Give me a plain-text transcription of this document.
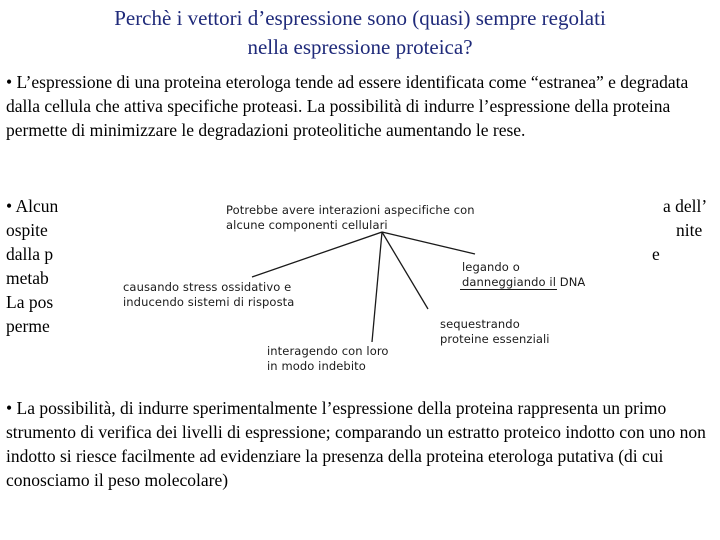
Perchè i vettori d’espressione sono (quasi) sempre regolati
nella espressione proteica?
• L’espressione di una proteina eterologa tende ad essere identificata come “estranea” e degradata dalla cellula che attiva specifiche proteasi. La possibilità di indurre l’espressione della proteina permette di minimizzare le degradazioni proteolitiche aumentando le rese.
• Alcun	a dell’
ospite	nite
dalla p	e
metab
La pos
perme
Potrebbe avere interazioni aspecifiche con
alcune componenti cellulari
causando stress ossidativo e
inducendo sistemi di risposta
legando o
danneggiando il DNA
sequestrando
proteine essenziali
interagendo con loro
in modo indebito
• La possibilità, di indurre sperimentalmente l’espressione della proteina rappresenta un primo strumento di verifica dei livelli di espressione; comparando un estratto proteico indotto con uno non indotto si riesce facilmente ad evidenziare la presenza della proteina eterologa putativa (di cui conosciamo il peso molecolare)
